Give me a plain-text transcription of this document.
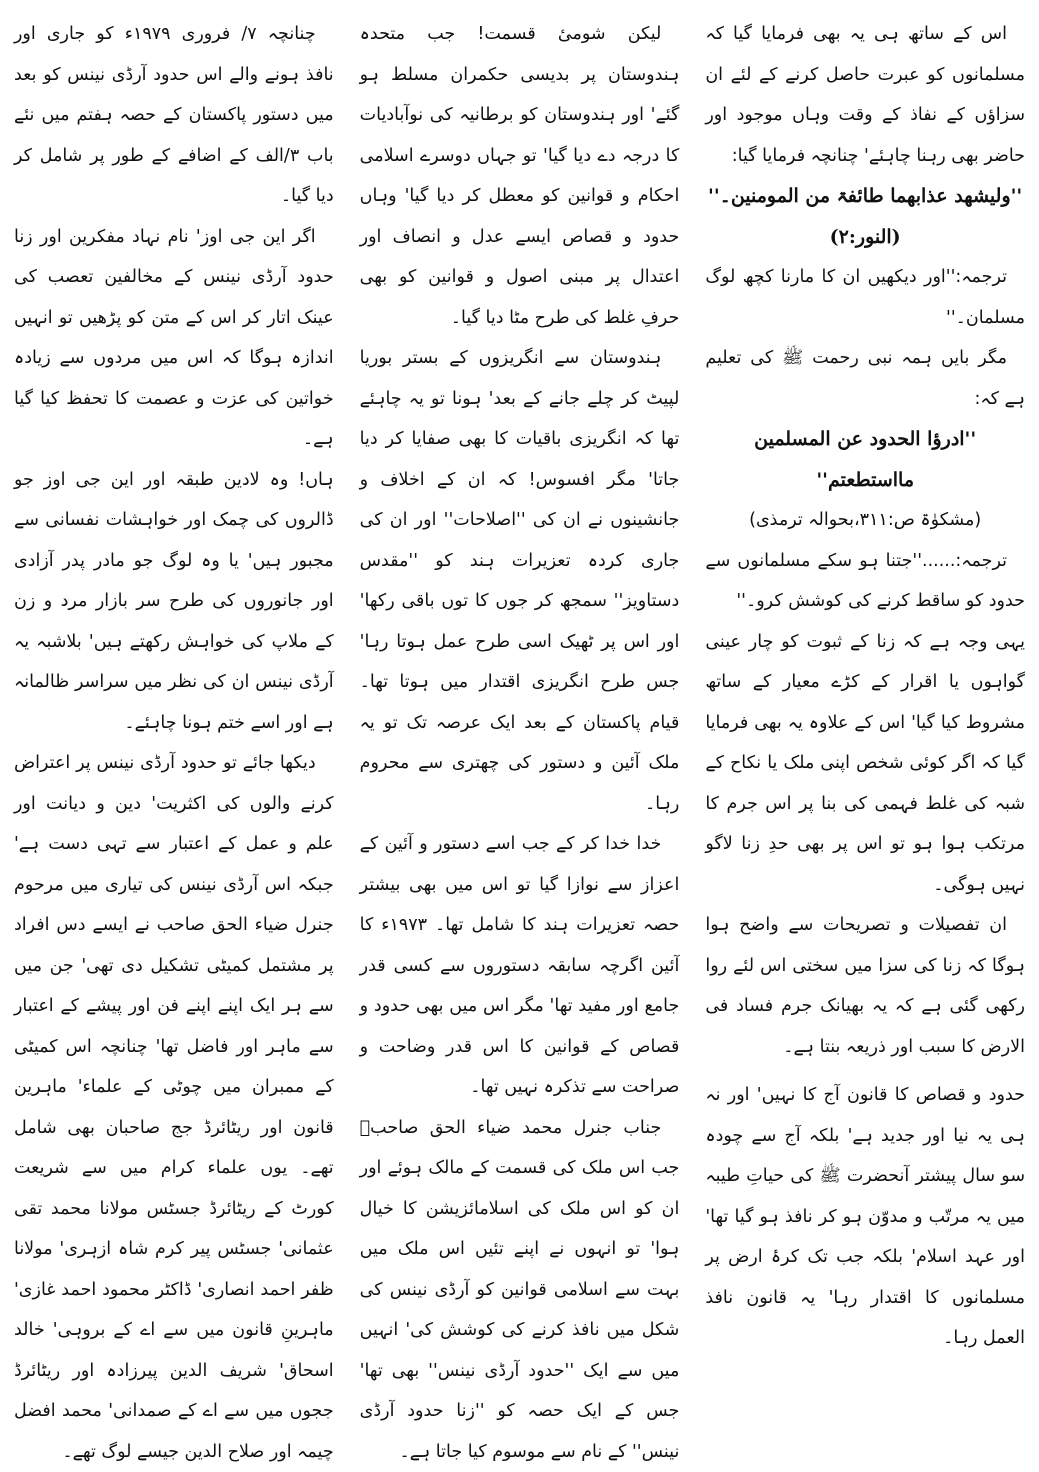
اس کے ساتھ ہی یہ بھی فرمایا گیا کہ مسلمانوں کو عبرت حاصل کرنے کے لئے ان سزاؤں کے نفاذ کے وقت وہاں موجود اور حاضر بھی رہنا چاہئے' چنانچہ فرمایا گیا:

''ولیشھد عذابھما طائفۃ من المومنین۔'' (النور:۲)

ترجمہ:''اور دیکھیں ان کا مارنا کچھ لوگ مسلمان۔''

مگر بایں ہمہ نبی رحمت ﷺ کی تعلیم ہے کہ:

''ادرؤا الحدود عن المسلمین مااستطعتم''

(مشکوٰۃ ص:۳۱۱،بحوالہ ترمذی)

ترجمہ:......''جتنا ہو سکے مسلمانوں سے حدود کو ساقط کرنے کی کوشش کرو۔''

یہی وجہ ہے کہ زنا کے ثبوت کو چار عینی گواہوں یا اقرار کے کڑے معیار کے ساتھ مشروط کیا گیا' اس کے علاوہ یہ بھی فرمایا گیا کہ اگر کوئی شخص اپنی ملک یا نکاح کے شبہ کی غلط فہمی کی بنا پر اس جرم کا مرتکب ہوا ہو تو اس پر بھی حدِ زنا لاگو نہیں ہوگی۔

ان تفصیلات و تصریحات سے واضح ہوا ہوگا کہ زنا کی سزا میں سختی اس لئے روا رکھی گئی ہے کہ یہ بھیانک جرم فساد فی الارض کا سبب اور ذریعہ بنتا ہے۔

حدود و قصاص کا قانون آج کا نہیں' اور نہ ہی یہ نیا اور جدید ہے' بلکہ آج سے چودہ سو سال پیشتر آنحضرت ﷺ کی حیاتِ طیبہ میں یہ مرتّب و مدوّن ہو کر نافذ ہو گیا تھا' اور عہد اسلام' بلکہ جب تک کرۂ ارض پر مسلمانوں کا اقتدار رہا' یہ قانون نافذ العمل رہا۔

لیکن شومیٔ قسمت! جب متحدہ ہندوستان پر بدیسی حکمران مسلط ہو گئے' اور ہندوستان کو برطانیہ کی نوآبادیات کا درجہ دے دیا گیا' تو جہاں دوسرے اسلامی احکام و قوانین کو معطل کر دیا گیا' وہاں حدود و قصاص ایسے عدل و انصاف اور اعتدال پر مبنی اصول و قوانین کو بھی حرفِ غلط کی طرح مٹا دیا گیا۔

ہندوستان سے انگریزوں کے بستر بوریا لپیٹ کر چلے جانے کے بعد' ہونا تو یہ چاہئے تھا کہ انگریزی باقیات کا بھی صفایا کر دیا جاتا' مگر افسوس! کہ ان کے اخلاف و جانشینوں نے ان کی ''اصلاحات'' اور ان کی جاری کردہ تعزیرات ہند کو ''مقدس دستاویز'' سمجھ کر جوں کا توں باقی رکھا' اور اس پر ٹھیک اسی طرح عمل ہوتا رہا' جس طرح انگریزی اقتدار میں ہوتا تھا۔ قیام پاکستان کے بعد ایک عرصہ تک تو یہ ملک آئین و دستور کی چھتری سے محروم رہا۔

خدا خدا کر کے جب اسے دستور و آئین کے اعزاز سے نوازا گیا تو اس میں بھی بیشتر حصہ تعزیرات ہند کا شامل تھا۔ ۱۹۷۳ء کا آئین اگرچہ سابقہ دستوروں سے کسی قدر جامع اور مفید تھا' مگر اس میں بھی حدود و قصاص کے قوانین کا اس قدر وضاحت و صراحت سے تذکرہ نہیں تھا۔

جناب جنرل محمد ضیاء الحق صاحبؒ جب اس ملک کی قسمت کے مالک ہوئے اور ان کو اس ملک کی اسلامائزیشن کا خیال ہوا' تو انہوں نے اپنے تئیں اس ملک میں بہت سے اسلامی قوانین کو آرڈی نینس کی شکل میں نافذ کرنے کی کوشش کی' انہیں میں سے ایک ''حدود آرڈی نینس'' بھی تھا' جس کے ایک حصہ کو ''زنا حدود آرڈی نینس'' کے نام سے موسوم کیا جاتا ہے۔

چنانچہ ۷/ فروری ۱۹۷۹ء کو جاری اور نافذ ہونے والے اس حدود آرڈی نینس کو بعد میں دستور پاکستان کے حصہ ہفتم میں نئے باب ۳/الف کے اضافے کے طور پر شامل کر دیا گیا۔

اگر این جی اوز' نام نہاد مفکرین اور زنا حدود آرڈی نینس کے مخالفین تعصب کی عینک اتار کر اس کے متن کو پڑھیں تو انہیں اندازہ ہوگا کہ اس میں مردوں سے زیادہ خواتین کی عزت و عصمت کا تحفظ کیا گیا ہے۔

ہاں! وہ لادین طبقہ اور این جی اوز جو ڈالروں کی چمک اور خواہشات نفسانی سے مجبور ہیں' یا وہ لوگ جو مادر پدر آزادی اور جانوروں کی طرح سر بازار مرد و زن کے ملاپ کی خواہش رکھتے ہیں' بلاشبہ یہ آرڈی نینس ان کی نظر میں سراسر ظالمانہ ہے اور اسے ختم ہونا چاہئے۔

دیکھا جائے تو حدود آرڈی نینس پر اعتراض کرنے والوں کی اکثریت' دین و دیانت اور علم و عمل کے اعتبار سے تہی دست ہے' جبکہ اس آرڈی نینس کی تیاری میں مرحوم جنرل ضیاء الحق صاحب نے ایسے دس افراد پر مشتمل کمیٹی تشکیل دی تھی' جن میں سے ہر ایک اپنے اپنے فن اور پیشے کے اعتبار سے ماہر اور فاضل تھا' چنانچہ اس کمیٹی کے ممبران میں چوٹی کے علماء' ماہرین قانون اور ریٹائرڈ جج صاحبان بھی شامل تھے۔ یوں علماء کرام میں سے شریعت کورٹ کے ریٹائرڈ جسٹس مولانا محمد تقی عثمانی' جسٹس پیر کرم شاہ ازہری' مولانا ظفر احمد انصاری' ڈاکٹر محمود احمد غازی' ماہرینِ قانون میں سے اے کے بروہی' خالد اسحاق' شریف الدین پیرزادہ اور ریٹائرڈ ججوں میں سے اے کے صمدانی' محمد افضل چیمہ اور صلاح الدین جیسے لوگ تھے۔
